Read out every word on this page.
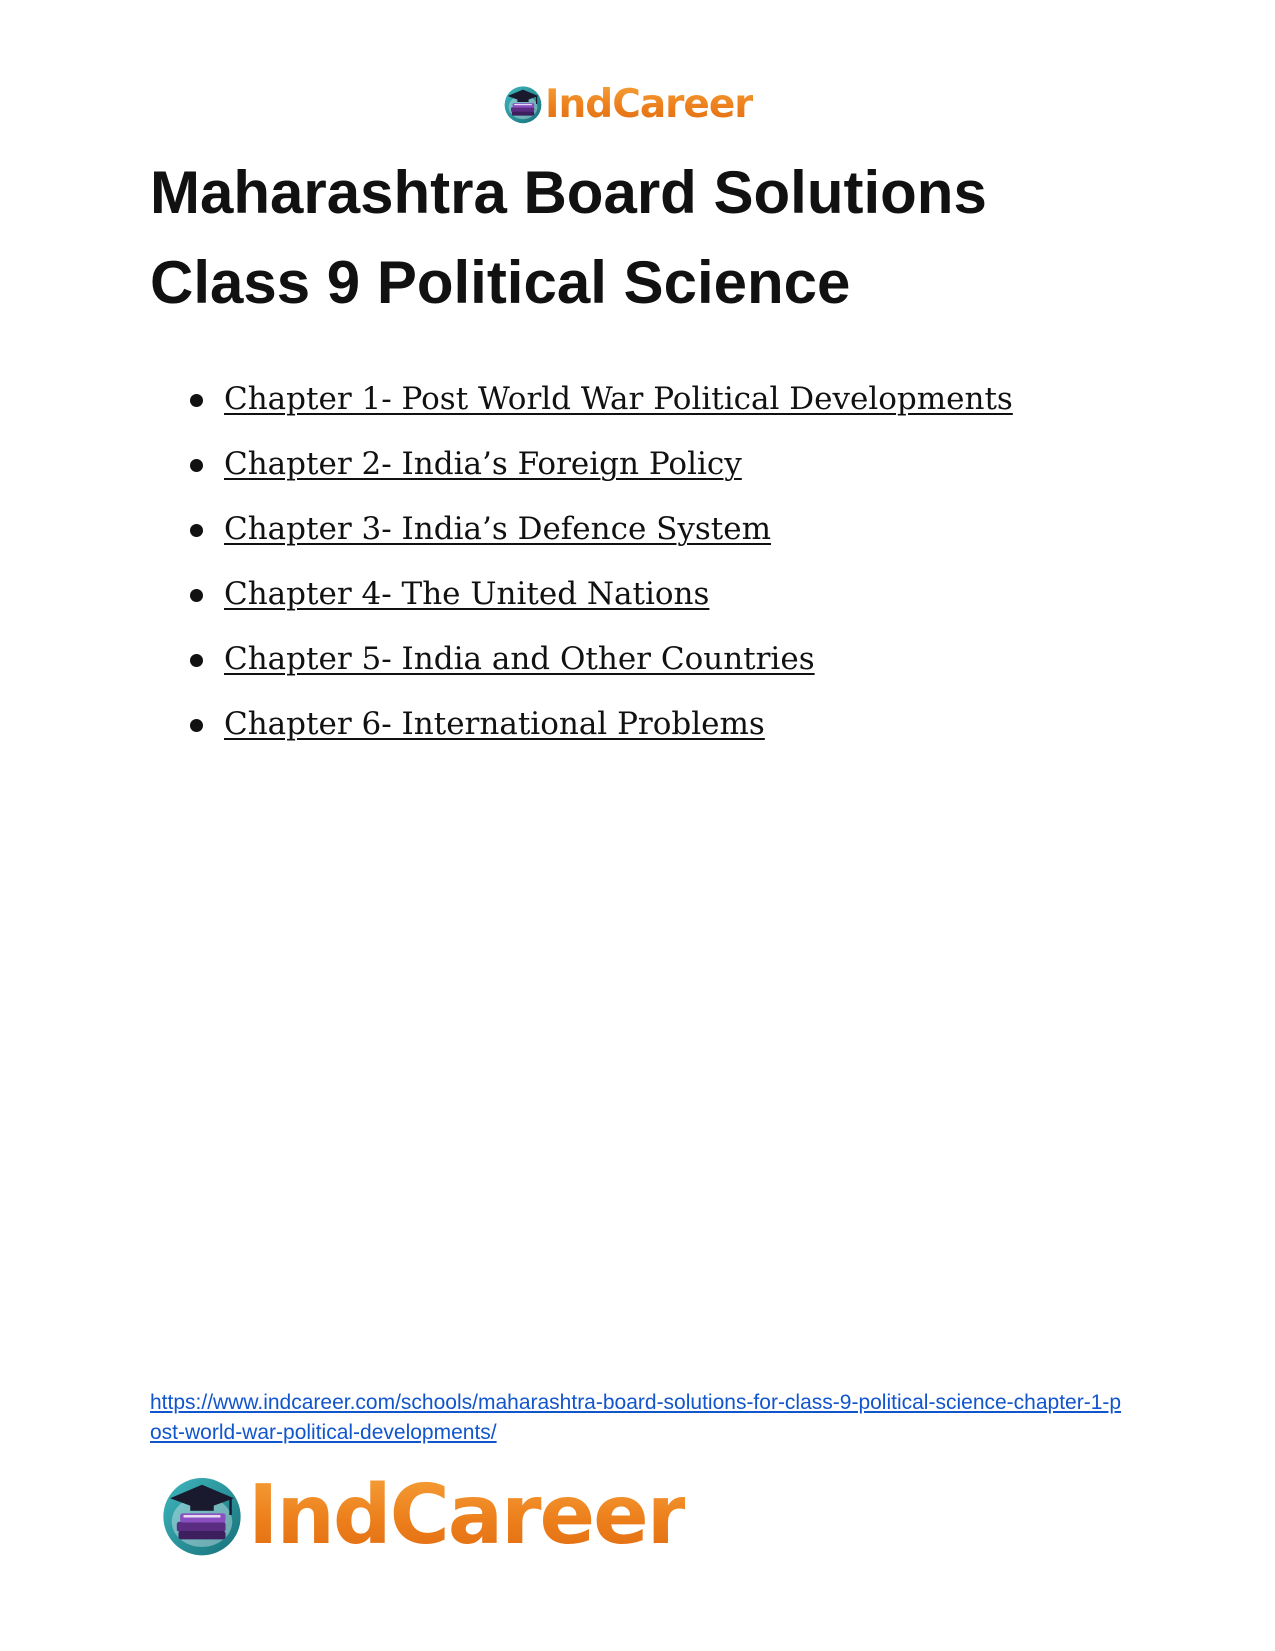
IndCareer
Maharashtra Board Solutions
Class 9 Political Science
Chapter 1- Post World War Political Developments
Chapter 2- India’s Foreign Policy
Chapter 3- India’s Defence System
Chapter 4- The United Nations
Chapter 5- India and Other Countries
Chapter 6- International Problems
https://www.indcareer.com/schools/maharashtra-board-solutions-for-class-9-political-science-chapter-1-post-world-war-political-developments/
IndCareer
